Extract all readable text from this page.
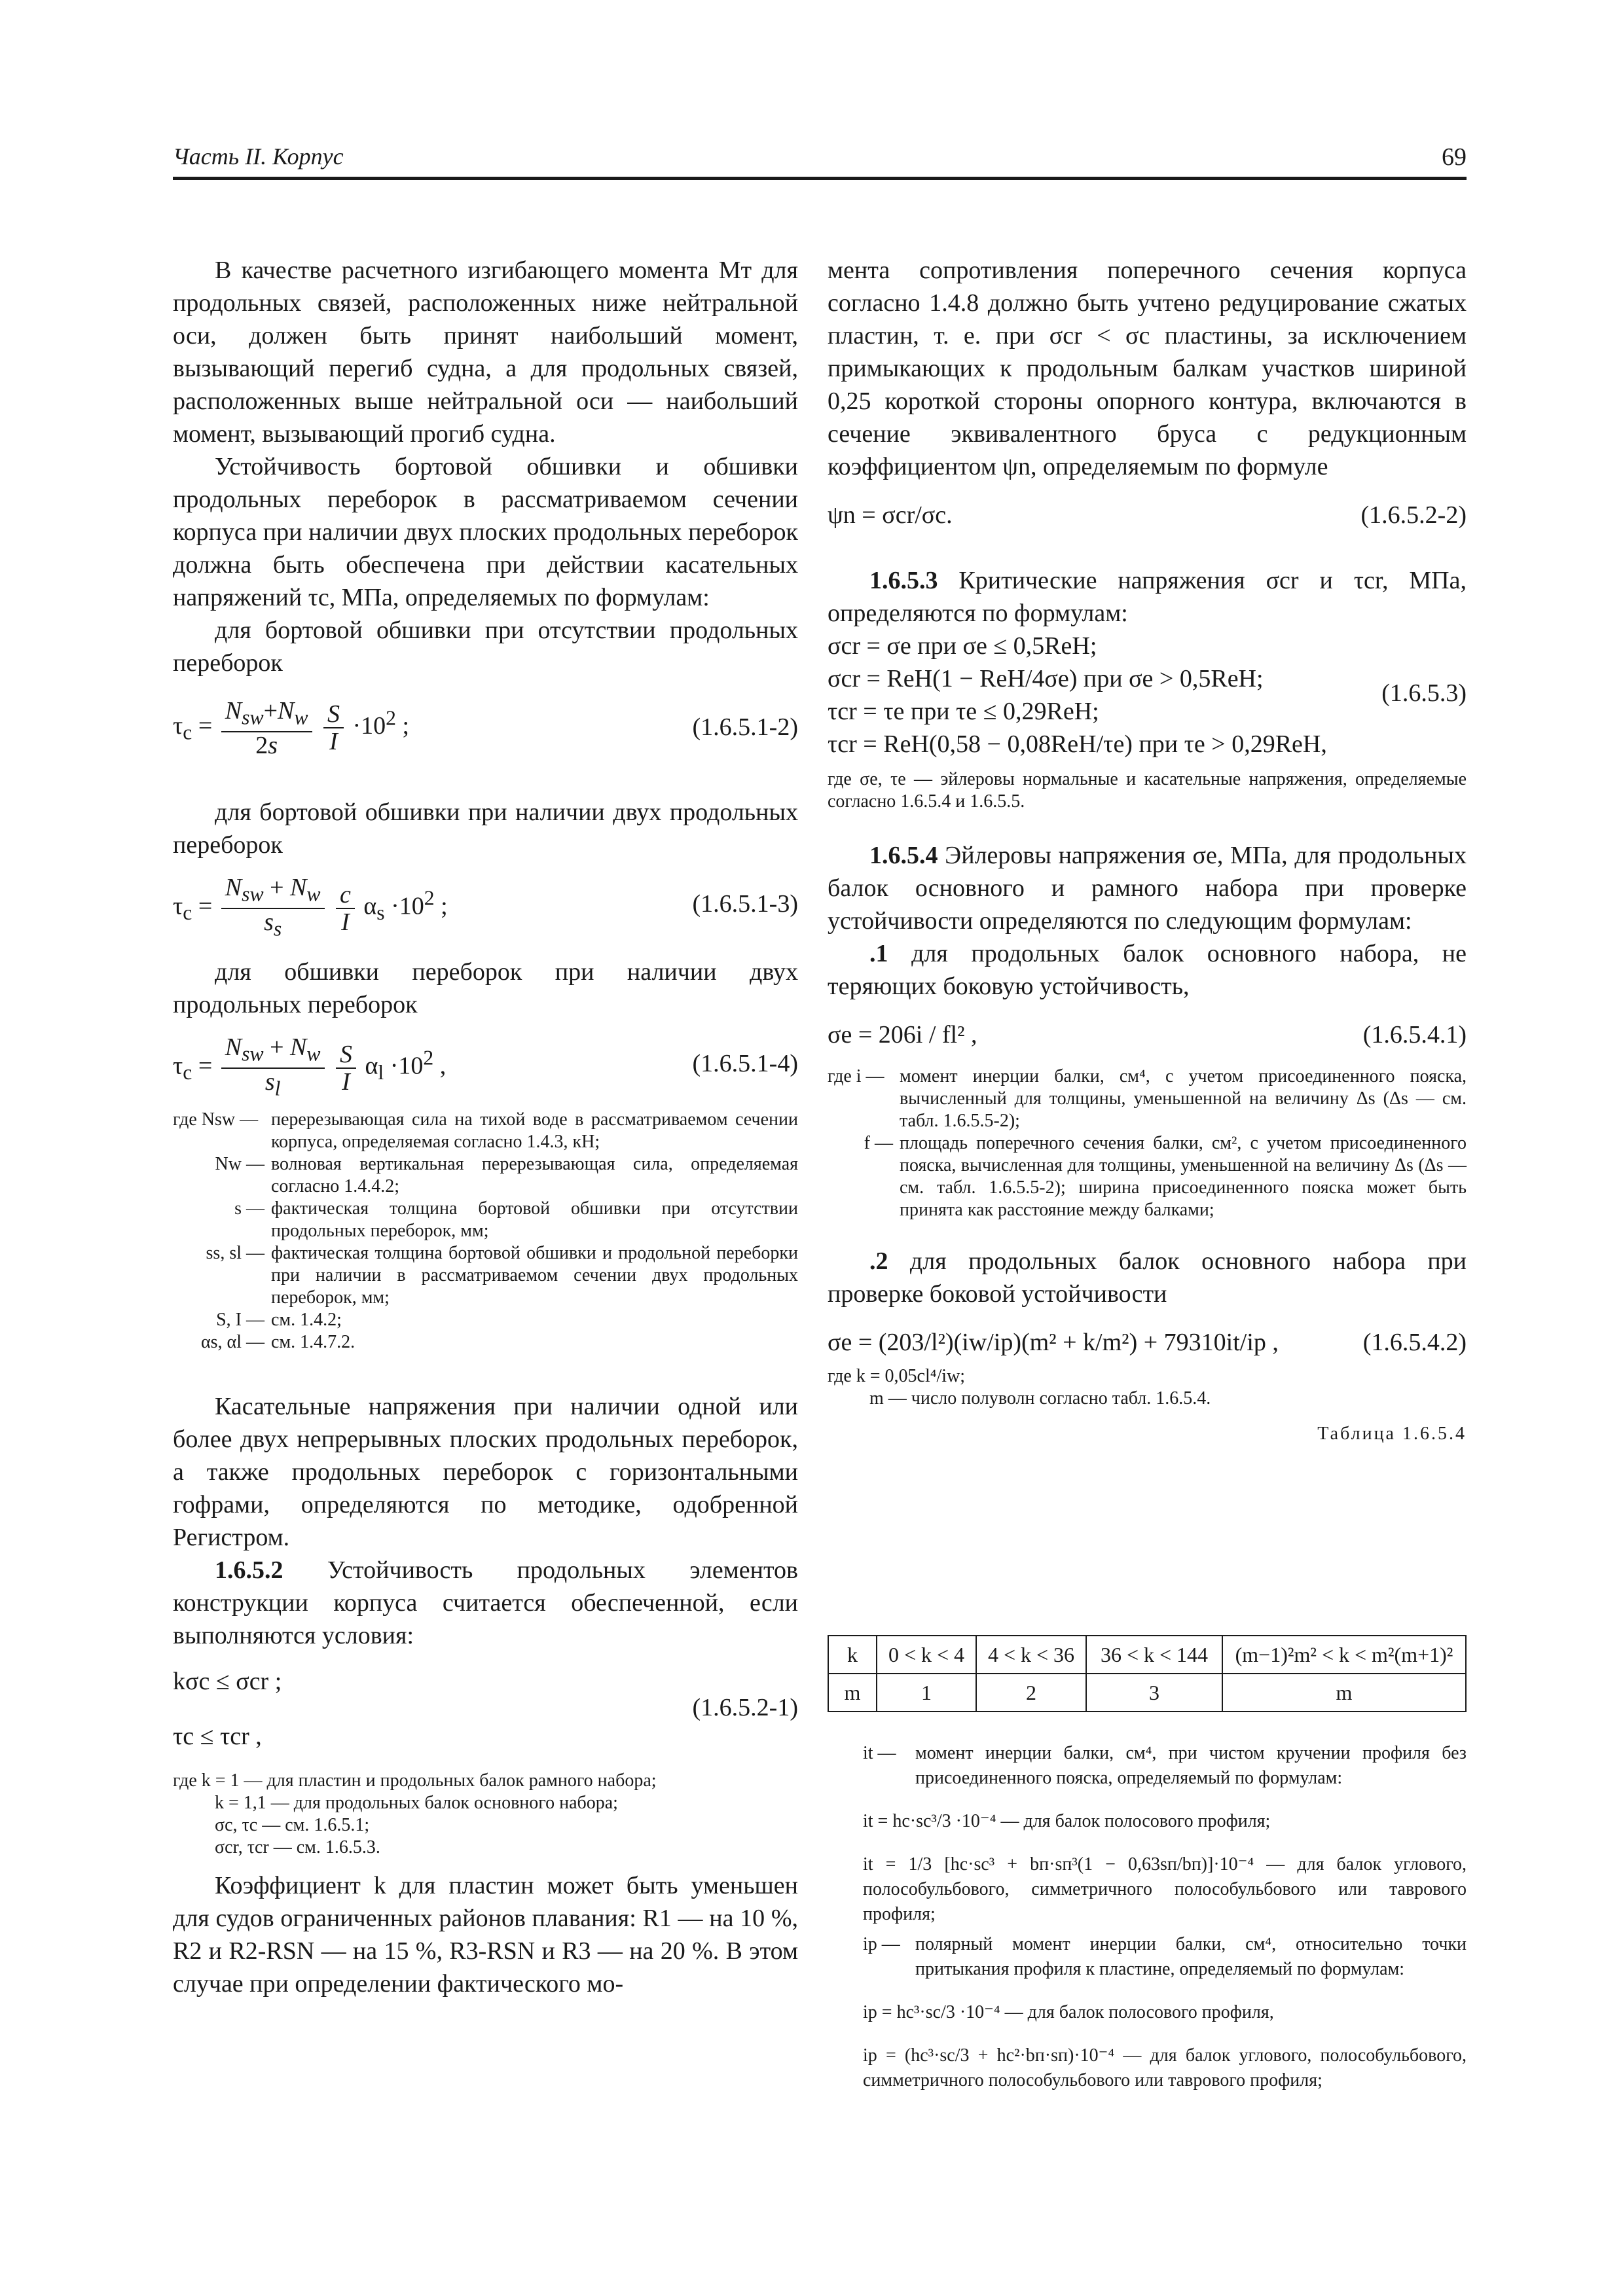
Часть II. Корпус	69

В качестве расчетного изгибающего момента Mт для продольных связей, расположенных ниже нейтральной оси, должен быть принят наибольший момент, вызывающий перегиб судна, а для продольных связей, расположенных выше нейтральной оси — наибольший момент, вызывающий прогиб судна.

Устойчивость бортовой обшивки и обшивки продольных переборок в рассматриваемом сечении корпуса при наличии двух плоских продольных переборок должна быть обеспечена при действии касательных напряжений τc, МПа, определяемых по формулам:

для бортовой обшивки при отсутствии продольных переборок

$\tau_c = \frac{N_{sw}+N_w}{2s}$
$\frac{S}{I} \cdot 10^2$ ;	(1.6.5.1-2)

для бортовой обшивки при наличии двух продольных переборок

$\tau_c = \frac{N_{sw} + N_w}{s_s}$
$\frac{c}{I} \alpha_s \cdot 10^2$ ;	(1.6.5.1-3)

для обшивки переборок при наличии двух продольных переборок

$\tau_c = \frac{N_{sw} + N_w}{s_l}$
$\frac{S}{I} \alpha_l \cdot 10^2$ ,	(1.6.5.1-4)
где Nsw — перерезывающая сила на тихой воде в рассматриваемом сечении корпуса, определяемая согласно 1.4.3, кН;
Nw — волновая вертикальная перерезывающая сила, определяемая согласно 1.4.4.2;
s — фактическая толщина бортовой обшивки при отсутствии продольных переборок, мм;
ss, sl — фактическая толщина бортовой обшивки и продольной переборки при наличии в рассматриваемом сечении двух продольных переборок, мм;
S, I — см. 1.4.2;
αs, αl — см. 1.4.7.2.

Касательные напряжения при наличии одной или более двух непрерывных плоских продольных переборок, а также продольных переборок с горизонтальными гофрами, определяются по методике, одобренной Регистром.

1.6.5.2 Устойчивость продольных элементов конструкции корпуса считается обеспеченной, если выполняются условия:

kσc ≤ σcr ;
τc ≤ τcr ,
(1.6.5.2-1)
где k = 1 — для пластин и продольных балок рамного набора;
k = 1,1 — для продольных балок основного набора;
σc, τc — см. 1.6.5.1;
σcr, τcr — см. 1.6.5.3.

Коэффициент k для пластин может быть уменьшен для судов ограниченных районов плавания: R1 — на 10 %, R2 и R2-RSN — на 15 %, R3-RSN и R3 — на 20 %. В этом случае при определении фактического мо-

мента сопротивления поперечного сечения корпуса согласно 1.4.8 должно быть учтено редуцирование сжатых пластин, т. е. при σcr < σc пластины, за исключением примыкающих к продольным балкам участков шириной 0,25 короткой стороны опорного контура, включаются в сечение эквивалентного бруса с редукционным коэффициентом ψn, определяемым по формуле

ψn = σcr/σc.	(1.6.5.2-2)

1.6.5.3 Критические напряжения σcr и τcr, МПа, определяются по формулам:

σcr = σe при σe ≤ 0,5ReH;
σcr = ReH(1 − ReH/4σe) при σe > 0,5ReH;
τcr = τe при τe ≤ 0,29ReH;
τcr = ReH(0,58 − 0,08ReH/τe) при τe > 0,29ReH,
(1.6.5.3)
где σe, τe — эйлеровы нормальные и касательные напряжения, определяемые согласно 1.6.5.4 и 1.6.5.5.

1.6.5.4 Эйлеровы напряжения σe, МПа, для продольных балок основного и рамного набора при проверке устойчивости определяются по следующим формулам:

.1 для продольных балок основного набора, не теряющих боковую устойчивость,

σe = 206i / fl² ,	(1.6.5.4.1)
где i — момент инерции балки, см⁴, с учетом присоединенного пояска, вычисленный для толщины, уменьшенной на величину Δs (Δs — см. табл. 1.6.5.5-2);
f — площадь поперечного сечения балки, см², с учетом присоединенного пояска, вычисленная для толщины, уменьшенной на величину Δs (Δs — см. табл. 1.6.5.5-2); ширина присоединенного пояска может быть принята как расстояние между балками;

.2 для продольных балок основного набора при проверке боковой устойчивости

σe = (203/l²)(iw/ip)(m² + k/m²) + 79310it/ip ,	(1.6.5.4.2)
где k = 0,05cl⁴/iw;
m — число полуволн согласно табл. 1.6.5.4.
Таблица 1.6.5.4
k	0 < k < 4	4 < k < 36	36 < k < 144	(m−1)²m² < k < m²(m+1)²
m	1	2	3	m
it —	момент инерции балки, см⁴, при чистом кручении профиля без присоединенного пояска, определяемый по формулам:
it = hc·sc³/3 ·10⁻⁴ — для балок полосового профиля;
it = 1/3 [hc·sc³ + bп·sп³(1 − 0,63sп/bп)]·10⁻⁴ — для балок углового, полособульбового, симметричного полособульбового или таврового профиля;
ip — полярный момент инерции балки, см⁴, относительно точки притыкания профиля к пластине, определяемый по формулам:
ip = hc³·sc/3 ·10⁻⁴ — для балок полосового профиля,
ip = (hc³·sc/3 + hc²·bп·sп)·10⁻⁴ — для балок углового, полособульбового, симметричного полособульбового или таврового профиля;
